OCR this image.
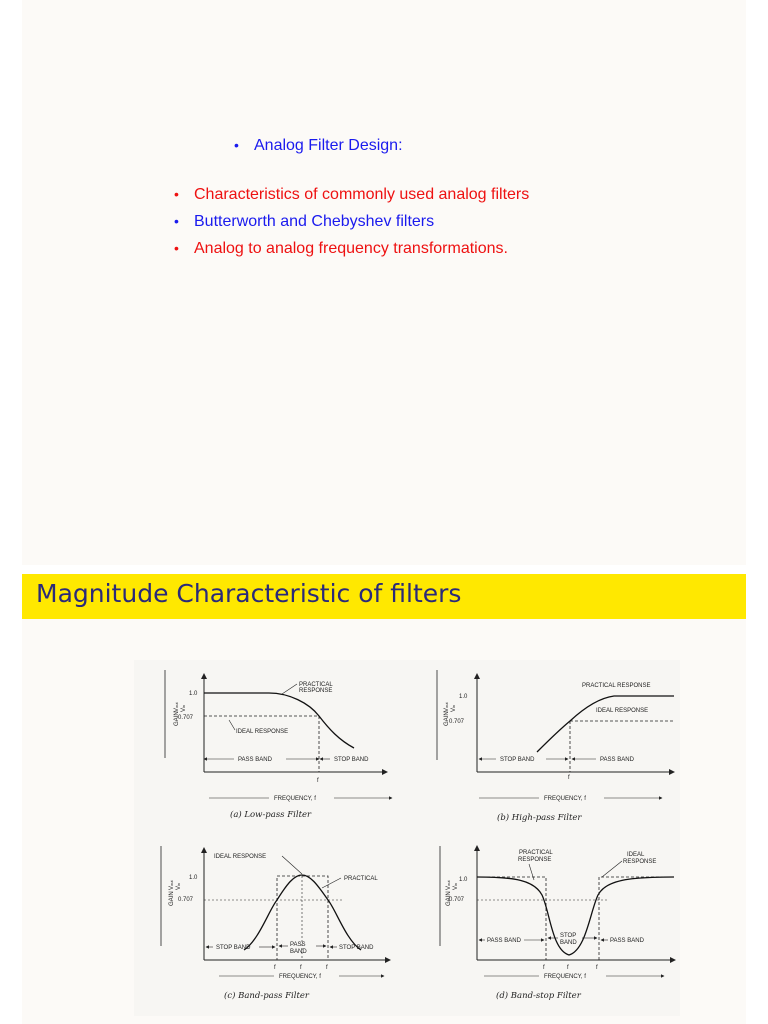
• Analog Filter Design:
• Characteristics of commonly used analog filters
• Butterworth and Chebyshev filters
• Analog to analog frequency transformations.
Magnitude Characteristic of filters
GAIN
Vout
Vin
1.0
0.707
PRACTICAL
RESPONSE
IDEAL RESPONSE
PASS BAND	STOP BAND
f
FREQUENCY, f
(a) Low-pass Filter
GAIN
Vout
Vin
1.0
0.707
PRACTICAL RESPONSE
IDEAL RESPONSE
STOP BAND	PASS BAND
f
FREQUENCY, f
(b) High-pass Filter
GAIN
Vout
Vin
1.0
0.707
IDEAL RESPONSE
PRACTICAL
STOP BAND	PASS
BAND
STOP BAND
f	f	f
FREQUENCY, f
(c) Band-pass Filter
GAIN
Vout
Vin
1.0
0.707
PRACTICAL
RESPONSE
IDEAL
RESPONSE
PASS BAND
STOP
BAND	PASS BAND
f	f	f
FREQUENCY, f
(d) Band-stop Filter
